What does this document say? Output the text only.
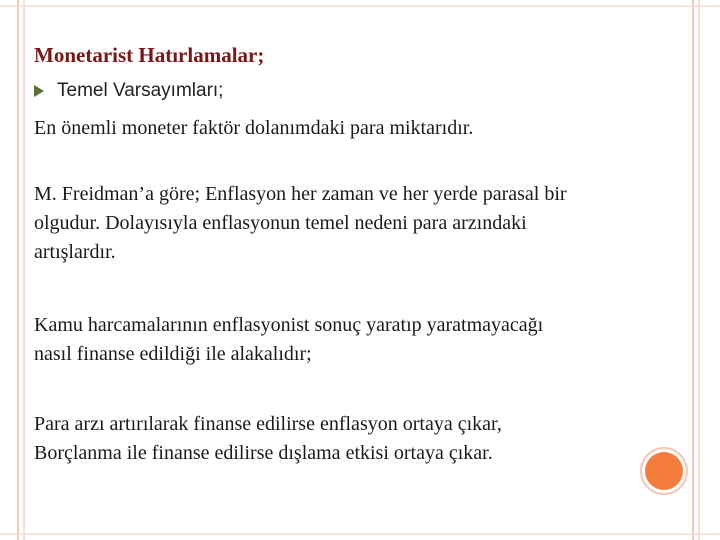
Monetarist Hatırlamalar;
Temel Varsayımları;
En önemli moneter faktör dolanımdaki para miktarıdır.
M. Freidman’a göre; Enflasyon her zaman ve her yerde parasal bir
olgudur. Dolayısıyla enflasyonun temel nedeni para arzındaki
artışlardır.
Kamu harcamalarının enflasyonist sonuç yaratıp yaratmayacağı
nasıl finanse edildiği ile alakalıdır;
Para arzı artırılarak finanse edilirse enflasyon ortaya çıkar,
Borçlanma ile finanse edilirse dışlama etkisi ortaya çıkar.
